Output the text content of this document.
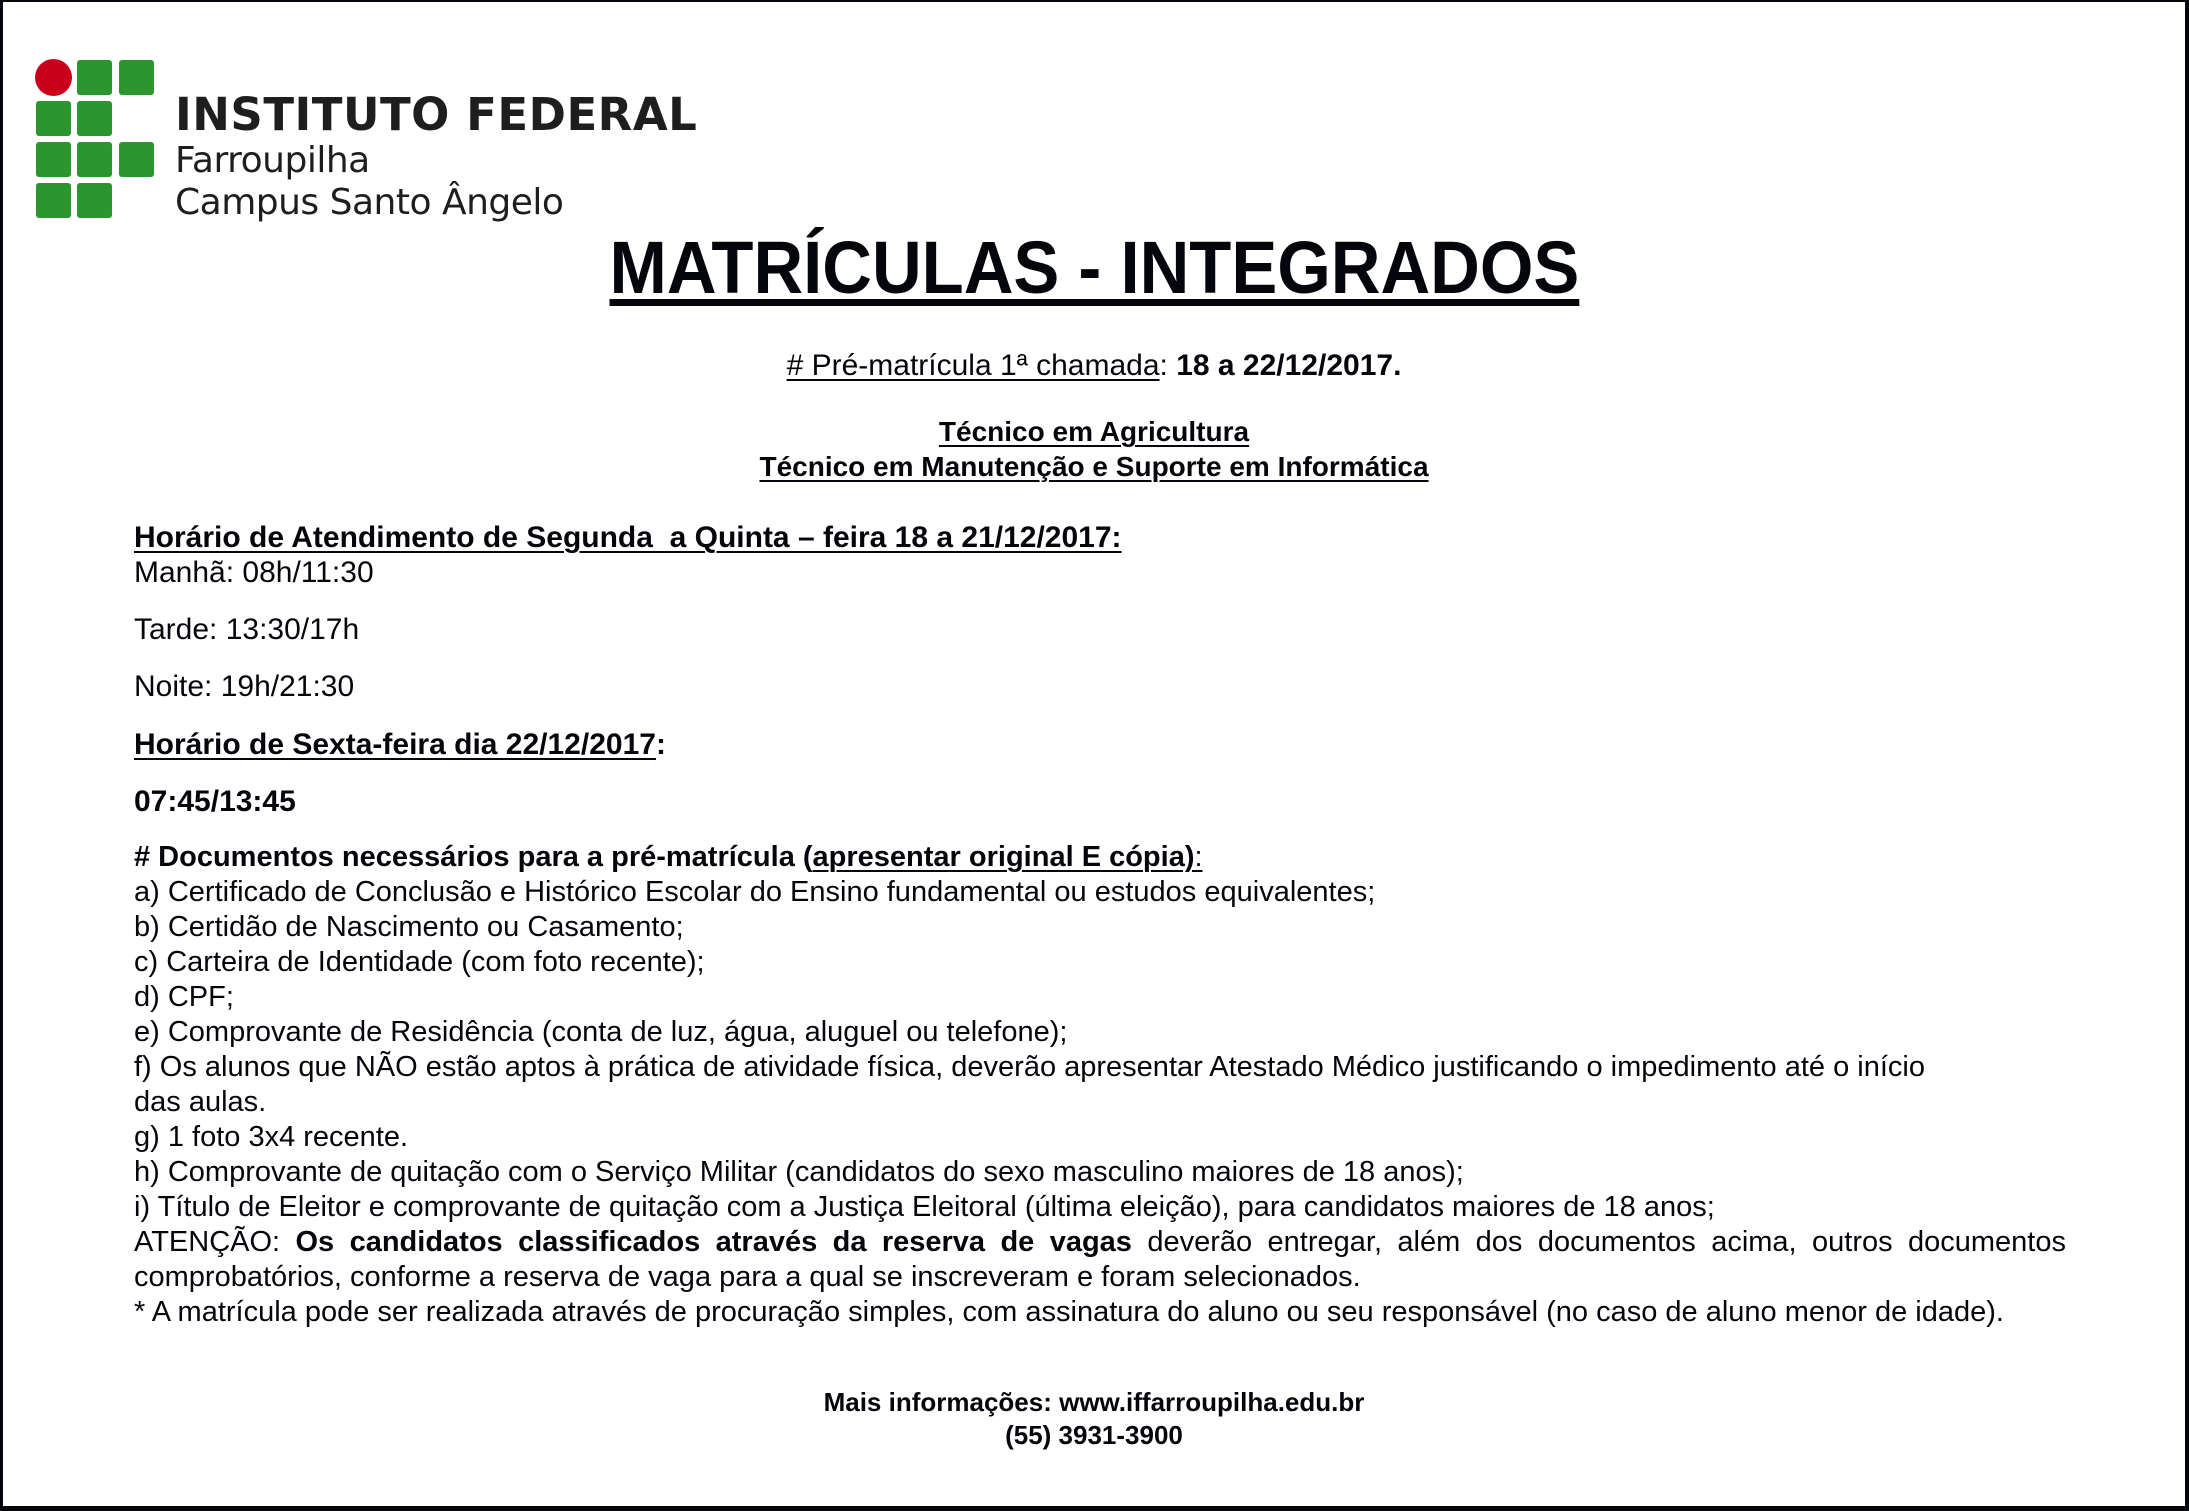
INSTITUTO FEDERAL
Farroupilha
Campus Santo Ângelo
MATRÍCULAS - INTEGRADOS
# Pré-matrícula 1ª chamada: 18 a 22/12/2017.
Técnico em Agricultura
Técnico em Manutenção e Suporte em Informática
Horário de Atendimento de Segunda  a Quinta – feira 18 a 21/12/2017:
Manhã: 08h/11:30
Tarde: 13:30/17h
Noite: 19h/21:30
Horário de Sexta-feira dia 22/12/2017:
07:45/13:45
# Documentos necessários para a pré-matrícula (apresentar original E cópia):
a) Certificado de Conclusão e Histórico Escolar do Ensino fundamental ou estudos equivalentes;
b) Certidão de Nascimento ou Casamento;
c) Carteira de Identidade (com foto recente);
d) CPF;
e) Comprovante de Residência (conta de luz, água, aluguel ou telefone);
f) Os alunos que NÃO estão aptos à prática de atividade física, deverão apresentar Atestado Médico justificando o impedimento até o início
das aulas.
g) 1 foto 3x4 recente.
h) Comprovante de quitação com o Serviço Militar (candidatos do sexo masculino maiores de 18 anos);
i) Título de Eleitor e comprovante de quitação com a Justiça Eleitoral (última eleição), para candidatos maiores de 18 anos;
ATENÇÃO: Os candidatos classificados através da reserva de vagas deverão entregar, além dos documentos acima, outros documentos comprobatórios, conforme a reserva de vaga para a qual se inscreveram e foram selecionados.
* A matrícula pode ser realizada através de procuração simples, com assinatura do aluno ou seu responsável (no caso de aluno menor de idade).
Mais informações: www.iffarroupilha.edu.br
(55) 3931-3900
